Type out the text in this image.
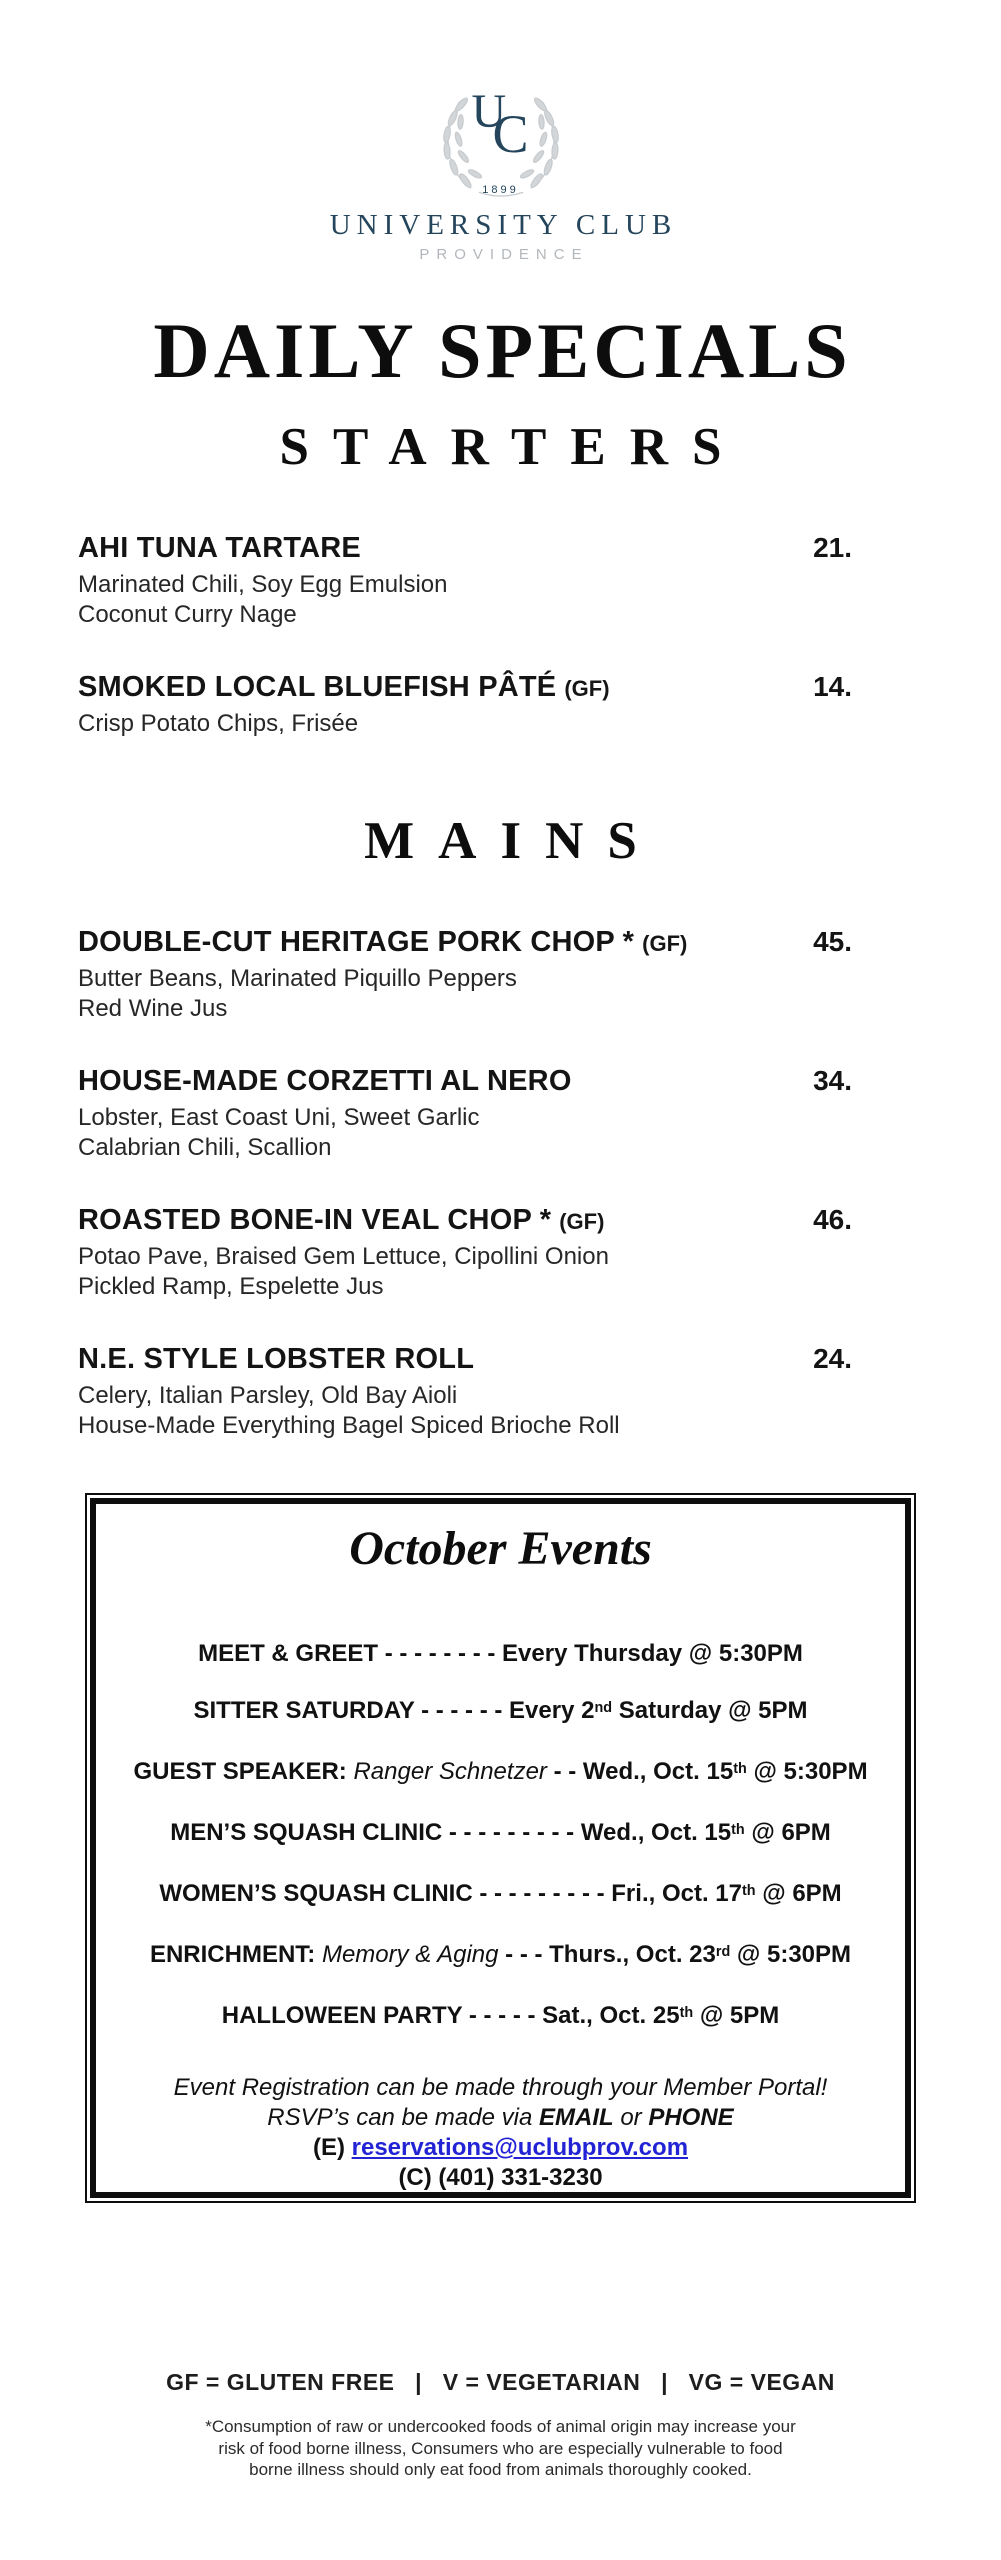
U
C
1899
UNIVERSITY CLUB
PROVIDENCE
DAILY SPECIALS
STARTERS
AHI TUNA TARTARE	21.
Marinated Chili, Soy Egg Emulsion
Coconut Curry Nage
SMOKED LOCAL BLUEFISH PÂTÉ (GF)	14.
Crisp Potato Chips, Frisée
MAINS
DOUBLE-CUT HERITAGE PORK CHOP * (GF)	45.
Butter Beans, Marinated Piquillo Peppers
Red Wine Jus
HOUSE-MADE CORZETTI AL NERO	34.
Lobster, East Coast Uni, Sweet Garlic
Calabrian Chili, Scallion
ROASTED BONE-IN VEAL CHOP * (GF)	46.
Potao Pave, Braised Gem Lettuce, Cipollini Onion
Pickled Ramp, Espelette Jus
N.E. STYLE LOBSTER ROLL	24.
Celery, Italian Parsley, Old Bay Aioli
House-Made Everything Bagel Spiced Brioche Roll
October Events
MEET & GREET - - - - - - - - Every Thursday @ 5:30PM
SITTER SATURDAY - - - - - - Every 2nd Saturday @ 5PM
GUEST SPEAKER: Ranger Schnetzer - - Wed., Oct. 15th @ 5:30PM
MEN’S SQUASH CLINIC - - - - - - - - - Wed., Oct. 15th @ 6PM
WOMEN’S SQUASH CLINIC - - - - - - - - - Fri., Oct. 17th @ 6PM
ENRICHMENT: Memory & Aging - - - Thurs., Oct. 23rd @ 5:30PM
HALLOWEEN PARTY - - - - - Sat., Oct. 25th @ 5PM
Event Registration can be made through your Member Portal!
RSVP’s can be made via EMAIL or PHONE
(E) reservations@uclubprov.com
(C) (401) 331-3230
GF = GLUTEN FREE   |   V = VEGETARIAN   |   VG = VEGAN
*Consumption of raw or undercooked foods of animal origin may increase your
risk of food borne illness, Consumers who are especially vulnerable to food
borne illness should only eat food from animals thoroughly cooked.
